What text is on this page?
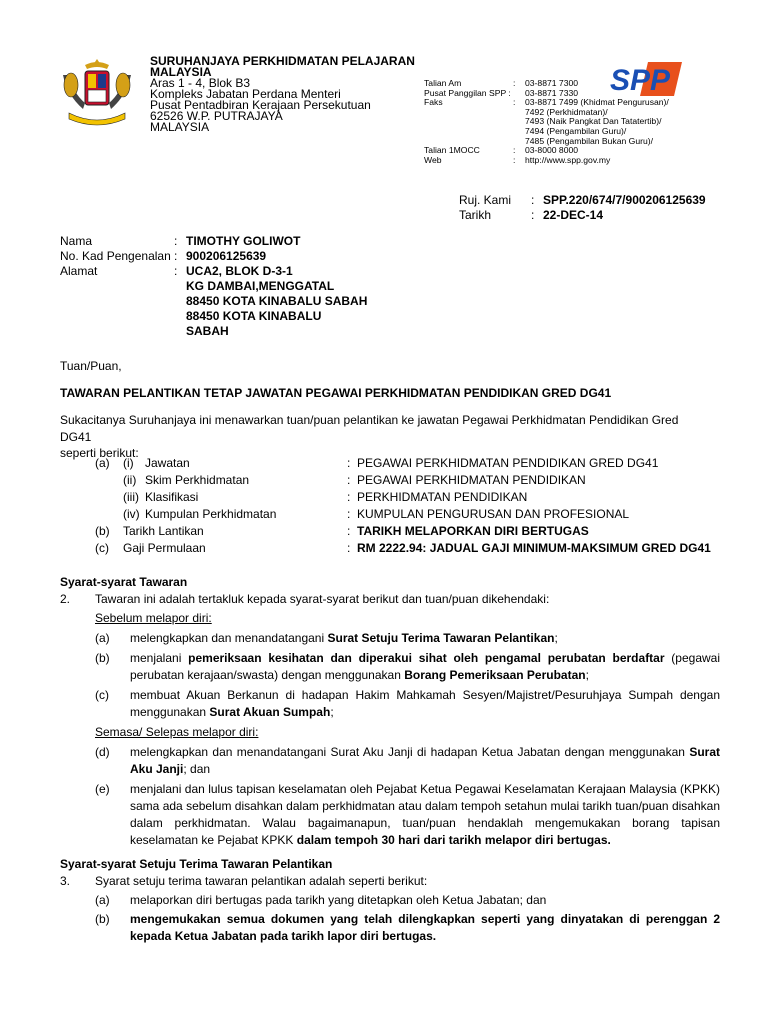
SURUHANJAYA PERKHIDMATAN PELAJARAN
MALAYSIA
Aras 1 - 4, Blok B3
Kompleks Jabatan Perdana Menteri
Pusat Pentadbiran Kerajaan Persekutuan
62526 W.P. PUTRAJAYA
MALAYSIA
Talian Am	:	03-8871 7300
Pusat Panggilan SPP : 03-8871 7330
Faks	:	03-8871 7499 (Khidmat Pengurusan)/
7492 (Perkhidmatan)/
7493 (Naik Pangkat Dan Tatatertib)/
7494 (Pengambilan Guru)/
7485 (Pengambilan Bukan Guru)/
Talian 1MOCC	:	03-8000 8000
Web	:	http://www.spp.gov.my
SPP
Ruj. Kami	: SPP.220/674/7/900206125639
Tarikh	: 22-DEC-14
Nama	: TIMOTHY GOLIWOT
No. Kad Pengenalan : 900206125639
Alamat	: UCA2, BLOK D-3-1
KG DAMBAI,MENGGATAL
88450 KOTA KINABALU SABAH
88450 KOTA KINABALU
SABAH
Tuan/Puan,
TAWARAN PELANTIKAN TETAP JAWATAN PEGAWAI PERKHIDMATAN PENDIDIKAN GRED DG41
Sukacitanya Suruhanjaya ini menawarkan tuan/puan pelantikan ke jawatan Pegawai Perkhidmatan Pendidikan Gred DG41
seperti berikut:
(a)	(i) Jawatan	: PEGAWAI PERKHIDMATAN PENDIDIKAN GRED DG41
(ii) Skim Perkhidmatan	: PEGAWAI PERKHIDMATAN PENDIDIKAN
(iii) Klasifikasi	: PERKHIDMATAN PENDIDIKAN
(iv) Kumpulan Perkhidmatan	: KUMPULAN PENGURUSAN DAN PROFESIONAL
(b)	Tarikh Lantikan	: TARIKH MELAPORKAN DIRI BERTUGAS
(c)	Gaji Permulaan	: RM 2222.94: JADUAL GAJI MINIMUM-MAKSIMUM GRED DG41
Syarat-syarat Tawaran
2.	Tawaran ini adalah tertakluk kepada syarat-syarat berikut dan tuan/puan dikehendaki:
Sebelum melapor diri:
(a)	melengkapkan dan menandatangani Surat Setuju Terima Tawaran Pelantikan;
(b)	menjalani pemeriksaan kesihatan dan diperakui sihat oleh pengamal perubatan berdaftar (pegawai perubatan kerajaan/swasta) dengan menggunakan Borang Pemeriksaan Perubatan;
(c)	membuat Akuan Berkanun di hadapan Hakim Mahkamah Sesyen/Majistret/Pesuruhjaya Sumpah dengan menggunakan Surat Akuan Sumpah;
Semasa/ Selepas melapor diri:
(d)	melengkapkan dan menandatangani Surat Aku Janji di hadapan Ketua Jabatan dengan menggunakan Surat Aku Janji; dan
(e)	menjalani dan lulus tapisan keselamatan oleh Pejabat Ketua Pegawai Keselamatan Kerajaan Malaysia (KPKK) sama ada sebelum disahkan dalam perkhidmatan atau dalam tempoh setahun mulai tarikh tuan/puan disahkan dalam perkhidmatan. Walau bagaimanapun, tuan/puan hendaklah mengemukakan borang tapisan keselamatan ke Pejabat KPKK dalam tempoh 30 hari dari tarikh melapor diri bertugas.
Syarat-syarat Setuju Terima Tawaran Pelantikan
3.	Syarat setuju terima tawaran pelantikan adalah seperti berikut:
(a)	melaporkan diri bertugas pada tarikh yang ditetapkan oleh Ketua Jabatan; dan
(b)	mengemukakan semua dokumen yang telah dilengkapkan seperti yang dinyatakan di perenggan 2 kepada Ketua Jabatan pada tarikh lapor diri bertugas.
